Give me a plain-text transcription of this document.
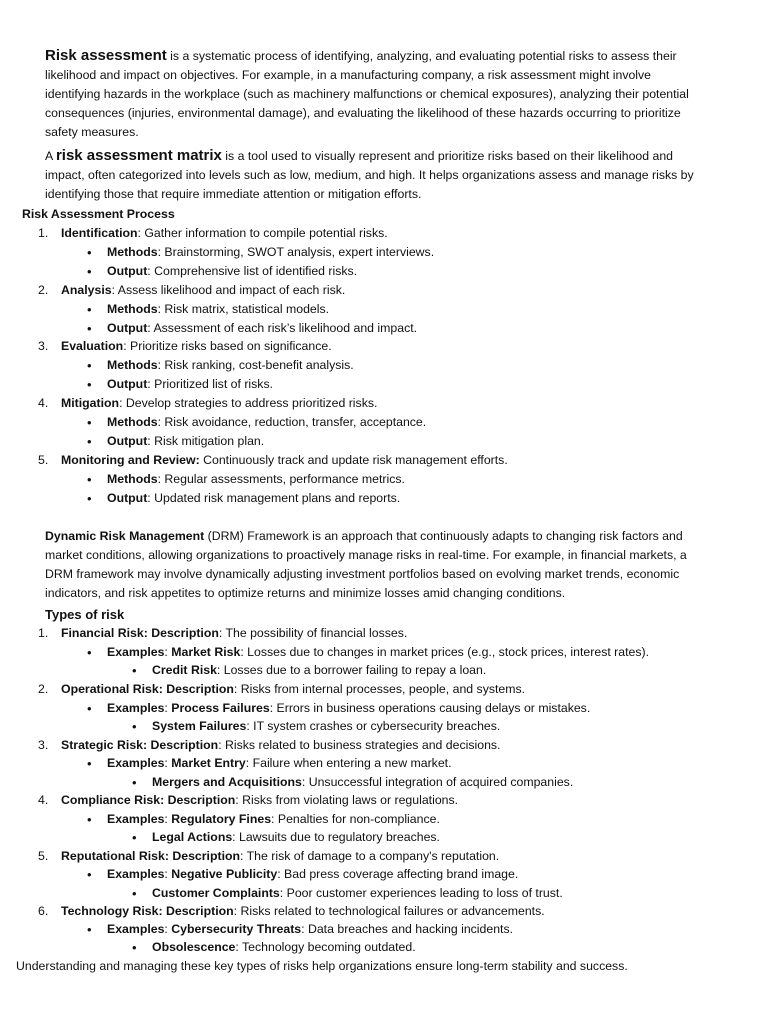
Risk assessment is a systematic process of identifying, analyzing, and evaluating potential risks to assess their likelihood and impact on objectives. For example, in a manufacturing company, a risk assessment might involve identifying hazards in the workplace (such as machinery malfunctions or chemical exposures), analyzing their potential consequences (injuries, environmental damage), and evaluating the likelihood of these hazards occurring to prioritize safety measures.

A risk assessment matrix is a tool used to visually represent and prioritize risks based on their likelihood and impact, often categorized into levels such as low, medium, and high. It helps organizations assess and manage risks by identifying those that require immediate attention or mitigation efforts.

Risk Assessment Process
1. Identification: Gather information to compile potential risks.
• Methods: Brainstorming, SWOT analysis, expert interviews.
• Output: Comprehensive list of identified risks.
2. Analysis: Assess likelihood and impact of each risk.
• Methods: Risk matrix, statistical models.
• Output: Assessment of each risk’s likelihood and impact.
3. Evaluation: Prioritize risks based on significance.
• Methods: Risk ranking, cost-benefit analysis.
• Output: Prioritized list of risks.
4. Mitigation: Develop strategies to address prioritized risks.
• Methods: Risk avoidance, reduction, transfer, acceptance.
• Output: Risk mitigation plan.
5. Monitoring and Review: Continuously track and update risk management efforts.
• Methods: Regular assessments, performance metrics.
• Output: Updated risk management plans and reports.

Dynamic Risk Management (DRM) Framework is an approach that continuously adapts to changing risk factors and market conditions, allowing organizations to proactively manage risks in real-time. For example, in financial markets, a DRM framework may involve dynamically adjusting investment portfolios based on evolving market trends, economic indicators, and risk appetites to optimize returns and minimize losses amid changing conditions.

Types of risk
1. Financial Risk: Description: The possibility of financial losses.
• Examples: Market Risk: Losses due to changes in market prices (e.g., stock prices, interest rates).
• Credit Risk: Losses due to a borrower failing to repay a loan.
2. Operational Risk: Description: Risks from internal processes, people, and systems.
• Examples: Process Failures: Errors in business operations causing delays or mistakes.
• System Failures: IT system crashes or cybersecurity breaches.
3. Strategic Risk: Description: Risks related to business strategies and decisions.
• Examples: Market Entry: Failure when entering a new market.
• Mergers and Acquisitions: Unsuccessful integration of acquired companies.
4. Compliance Risk: Description: Risks from violating laws or regulations.
• Examples: Regulatory Fines: Penalties for non-compliance.
• Legal Actions: Lawsuits due to regulatory breaches.
5. Reputational Risk: Description: The risk of damage to a company's reputation.
• Examples: Negative Publicity: Bad press coverage affecting brand image.
• Customer Complaints: Poor customer experiences leading to loss of trust.
6. Technology Risk: Description: Risks related to technological failures or advancements.
• Examples: Cybersecurity Threats: Data breaches and hacking incidents.
• Obsolescence: Technology becoming outdated.
Understanding and managing these key types of risks help organizations ensure long-term stability and success.
